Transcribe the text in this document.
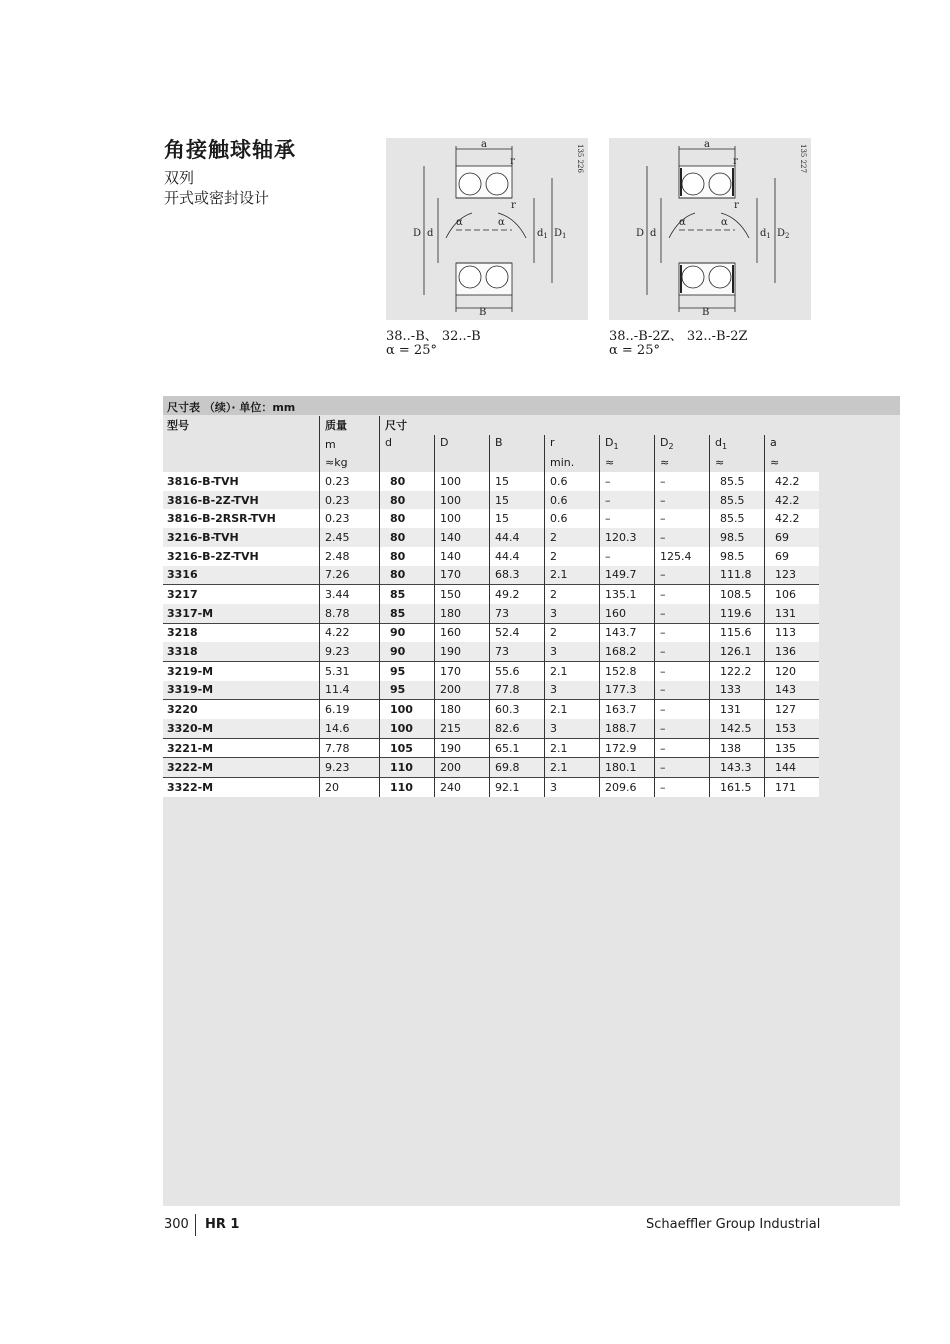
角接触球轴承
双列
开式或密封设计
a
r
r
α	α
D d	$d_1$ $D_1$
B
135 226
38..-B、 32..-B
α = 25°
a
r
r
α	α
D d	$d_1$ $D_2$
B
135 227
38..-B-2Z、 32..-B-2Z
α = 25°
尺寸表 （续）· 单位：mm
型号	质量	尺寸							
	m	d	D	B	r	$D_1$	$D_2$	$d_1$	a
	≈kg				min.	≈	≈	≈	≈
3816-B-TVH	0.23	80	100	15	0.6	–	–	85.5	42.2
3816-B-2Z-TVH	0.23	80	100	15	0.6	–	–	85.5	42.2
3816-B-2RSR-TVH	0.23	80	100	15	0.6	–	–	85.5	42.2
3216-B-TVH	2.45	80	140	44.4	2	120.3	–	98.5	69
3216-B-2Z-TVH	2.48	80	140	44.4	2	–	125.4	98.5	69
3316	7.26	80	170	68.3	2.1	149.7	–	111.8	123
3217	3.44	85	150	49.2	2	135.1	–	108.5	106
3317-M	8.78	85	180	73	3	160	–	119.6	131
3218	4.22	90	160	52.4	2	143.7	–	115.6	113
3318	9.23	90	190	73	3	168.2	–	126.1	136
3219-M	5.31	95	170	55.6	2.1	152.8	–	122.2	120
3319-M	11.4	95	200	77.8	3	177.3	–	133	143
3220	6.19	100	180	60.3	2.1	163.7	–	131	127
3320-M	14.6	100	215	82.6	3	188.7	–	142.5	153
3221-M	7.78	105	190	65.1	2.1	172.9	–	138	135
3222-M	9.23	110	200	69.8	2.1	180.1	–	143.3	144
3322-M	20	110	240	92.1	3	209.6	–	161.5	171
300 HR 1	Schaeffler Group Industrial
